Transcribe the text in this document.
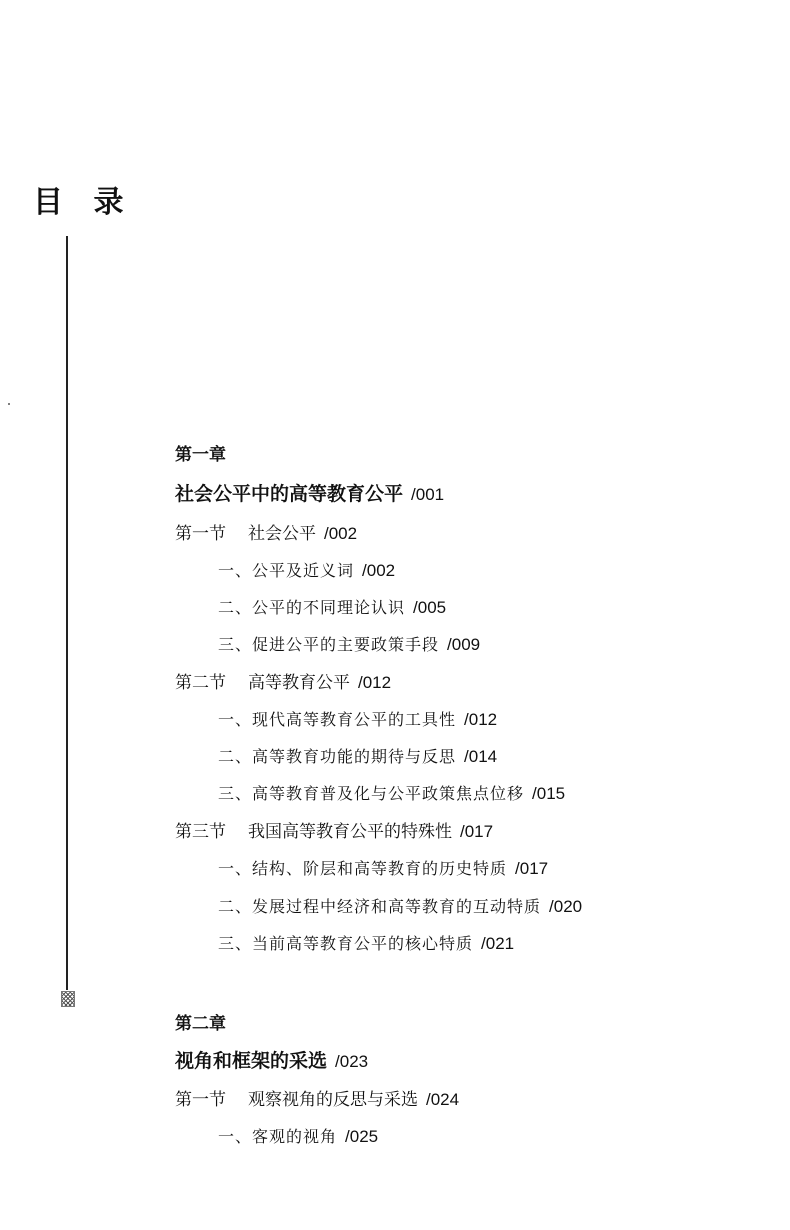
目 录
第一章
社会公平中的高等教育公平 /001
第一节 社会公平 /002
一、公平及近义词 /002
二、公平的不同理论认识 /005
三、促进公平的主要政策手段 /009
第二节 高等教育公平 /012
一、现代高等教育公平的工具性 /012
二、高等教育功能的期待与反思 /014
三、高等教育普及化与公平政策焦点位移 /015
第三节 我国高等教育公平的特殊性 /017
一、结构、阶层和高等教育的历史特质 /017
二、发展过程中经济和高等教育的互动特质 /020
三、当前高等教育公平的核心特质 /021
第二章
视角和框架的采选 /023
第一节 观察视角的反思与采选 /024
一、客观的视角 /025
